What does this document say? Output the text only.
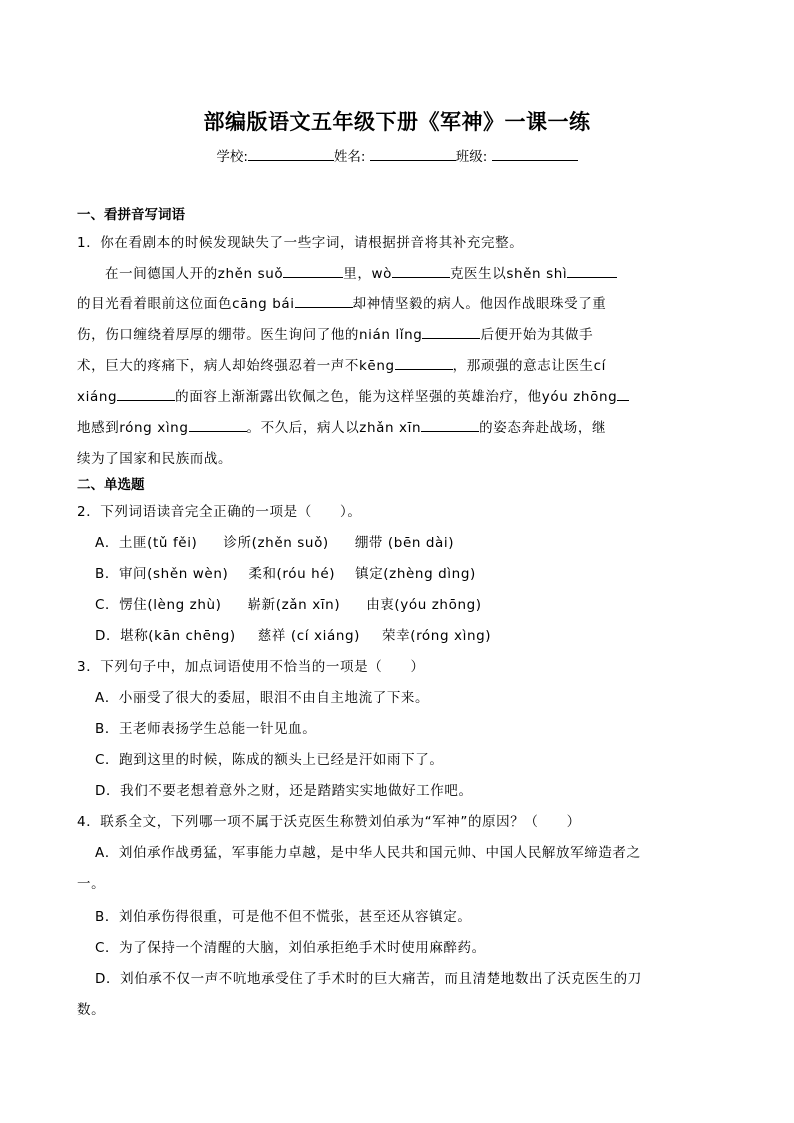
部编版语文五年级下册《军神》一课一练
学校:	姓名:	班级:
一、看拼音写词语
1．你在看剧本的时候发现缺失了一些字词，请根据拼音将其补充完整。
在一间德国人开的zhěn suǒ	里，wò	克医生以shěn shì
的目光看着眼前这位面色cāng bái	却神情坚毅的病人。他因作战眼珠受了重
伤，伤口缠绕着厚厚的绷带。医生询问了他的nián lǐng	后便开始为其做手
术，巨大的疼痛下，病人却始终强忍着一声不kēng	，那顽强的意志让医生cí
xiáng	的面容上渐渐露出钦佩之色，能为这样坚强的英雄治疗，他yóu zhōng
地感到róng xìng	。不久后，病人以zhǎn xīn	的姿态奔赴战场，继
续为了国家和民族而战。
二、单选题
2．下列词语读音完全正确的一项是（　　）。
A．土匪(tǔ fěi) 诊所(zhěn suǒ) 绷带 (bēn dài)
B．审问(shěn wèn) 柔和(róu hé) 镇定(zhèng dìng)
C．愣住(lèng zhù) 崭新(zǎn xīn) 由衷(yóu zhōng)
D．堪称(kān chēng) 慈祥 (cí xiáng) 荣幸(róng xìng)
3．下列句子中，加点词语使用不恰当的一项是（　　）
A．小丽受了很大的委屈，眼泪不由自主地流了下来。
B．王老师表扬学生总能一针见血。
C．跑到这里的时候，陈成的额头上已经是汗如雨下了。
D．我们不要老想着意外之财，还是踏踏实实地做好工作吧。
4．联系全文，下列哪一项不属于沃克医生称赞刘伯承为“军神”的原因？（　　）
A．刘伯承作战勇猛，军事能力卓越，是中华人民共和国元帅、中国人民解放军缔造者之
一。
B．刘伯承伤得很重，可是他不但不慌张，甚至还从容镇定。
C．为了保持一个清醒的大脑，刘伯承拒绝手术时使用麻醉药。
D．刘伯承不仅一声不吭地承受住了手术时的巨大痛苦，而且清楚地数出了沃克医生的刀
数。
